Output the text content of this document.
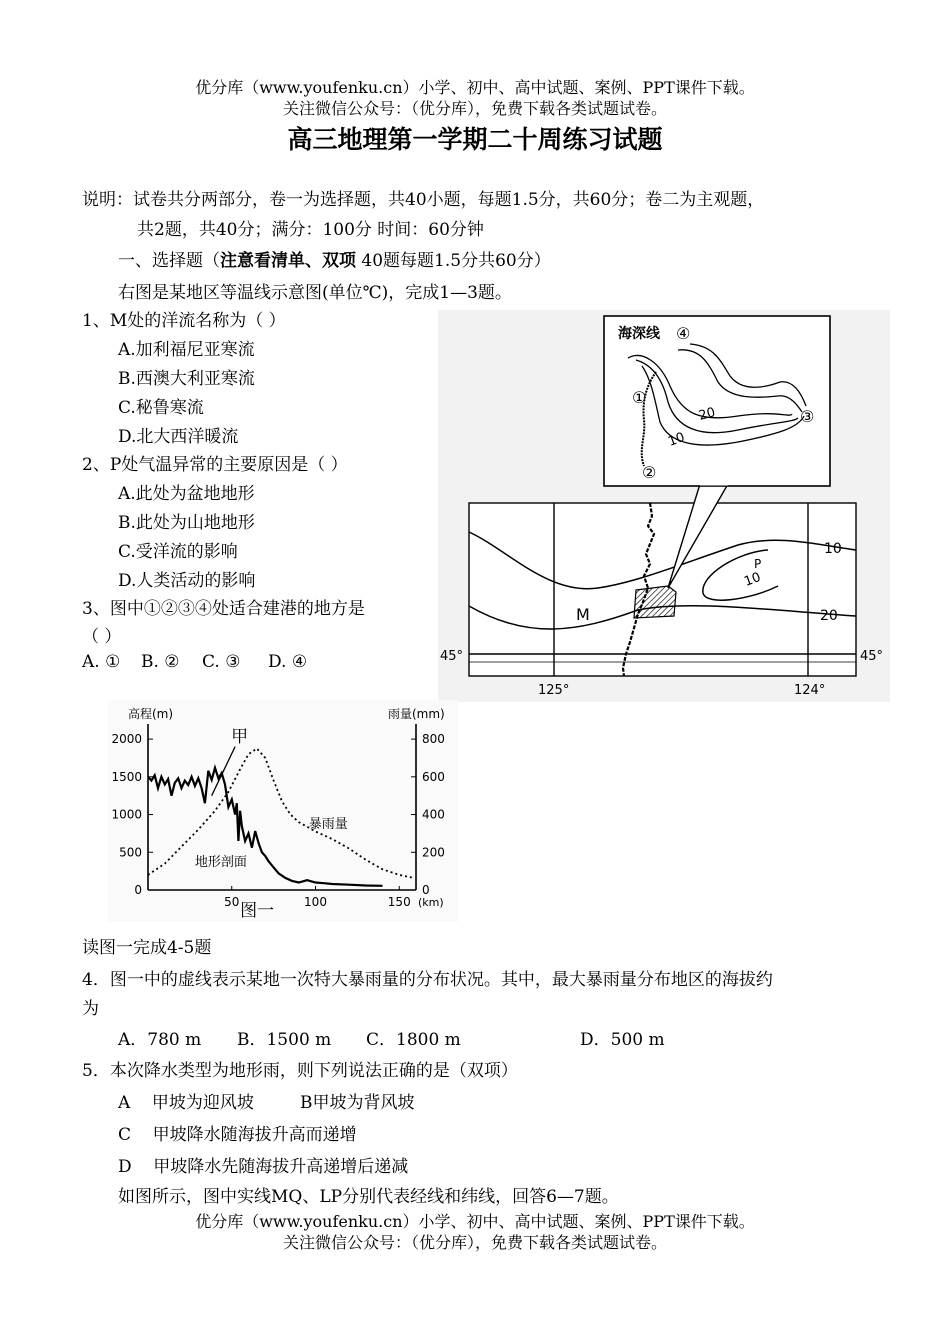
优分库（www.youfenku.cn）小学、初中、高中试题、案例、PPT课件下载。
关注微信公众号：（优分库），免费下载各类试题试卷。
高三地理第一学期二十周练习试题
说明：试卷共分两部分，卷一为选择题，共40小题，每题1.5分，共60分；卷二为主观题，
共2题，共40分；满分：100分 时间：60分钟
一、选择题（注意看清单、双项 40题每题1.5分共60分）
右图是某地区等温线示意图(单位℃)，完成1—3题。
1、M处的洋流名称为（ ）
A.加利福尼亚寒流
B.西澳大利亚寒流
C.秘鲁寒流
D.北大西洋暖流
2、P处气温异常的主要原因是（ ）
A.此处为盆地地形
B.此处为山地地形
C.受洋流的影响
D.人类活动的影响
3、图中①②③④处适合建港的地方是
（ ）
A. ① B. ② C. ③ D. ④
海深线 ④
①
②
③
20
10
M
P
10
10
20
45°	45°
125°	124°
0
500
1000
1500
2000
0
200
400
600
800
50	100	150 (km)
高程(m)	雨量(mm)
甲
暴雨量
地形剖面
图一
读图一完成4-5题
4．图一中的虚线表示某地一次特大暴雨量的分布状况。其中，最大暴雨量分布地区的海拔约
为
A．780 m B．1500 m C．1800 m	D．500 m
5．本次降水类型为地形雨，则下列说法正确的是（双项）
A    甲坡为迎风坡	B甲坡为背风坡
C    甲坡降水随海拔升高而递增
D    甲坡降水先随海拔升高递增后递减
如图所示，图中实线MQ、LP分别代表经线和纬线，回答6—7题。
优分库（www.youfenku.cn）小学、初中、高中试题、案例、PPT课件下载。
关注微信公众号：（优分库），免费下载各类试题试卷。
